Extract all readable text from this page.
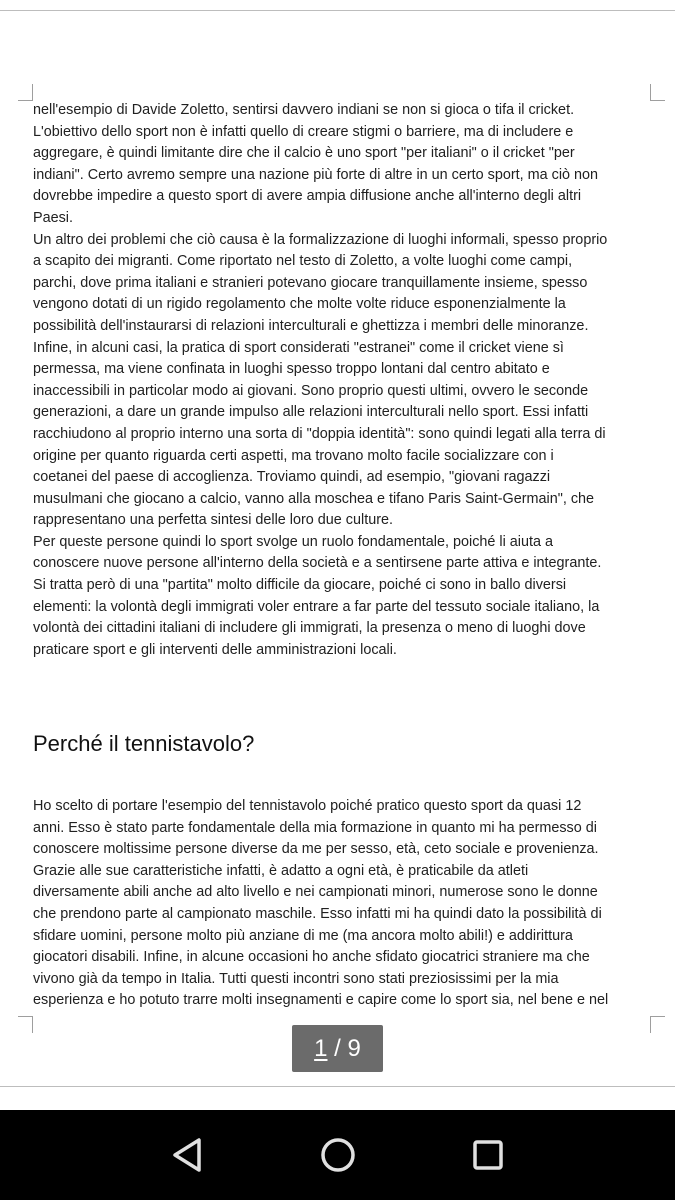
nell'esempio di Davide Zoletto, sentirsi davvero indiani se non si gioca o tifa il cricket.
L'obiettivo dello sport non è infatti quello di creare stigmi o barriere, ma di includere e
aggregare, è quindi limitante dire che il calcio è uno sport "per italiani" o il cricket "per
indiani". Certo avremo sempre una nazione più forte di altre in un certo sport, ma ciò non
dovrebbe impedire a questo sport di avere ampia diffusione anche all'interno degli altri
Paesi.

Un altro dei problemi che ciò causa è la formalizzazione di luoghi informali, spesso proprio
a scapito dei migranti. Come riportato nel testo di Zoletto, a volte luoghi come campi,
parchi, dove prima italiani e stranieri potevano giocare tranquillamente insieme, spesso
vengono dotati di un rigido regolamento che molte volte riduce esponenzialmente la
possibilità dell'instaurarsi di relazioni interculturali e ghettizza i membri delle minoranze.
Infine, in alcuni casi, la pratica di sport considerati "estranei" come il cricket viene sì
permessa, ma viene confinata in luoghi spesso troppo lontani dal centro abitato e
inaccessibili in particolar modo ai giovani. Sono proprio questi ultimi, ovvero le seconde
generazioni, a dare un grande impulso alle relazioni interculturali nello sport. Essi infatti
racchiudono al proprio interno una sorta di "doppia identità": sono quindi legati alla terra di
origine per quanto riguarda certi aspetti, ma trovano molto facile socializzare con i
coetanei del paese di accoglienza. Troviamo quindi, ad esempio, "giovani ragazzi
musulmani che giocano a calcio, vanno alla moschea e tifano Paris Saint-Germain", che
rappresentano una perfetta sintesi delle loro due culture.

Per queste persone quindi lo sport svolge un ruolo fondamentale, poiché li aiuta a
conoscere nuove persone all'interno della società e a sentirsene parte attiva e integrante.
Si tratta però di una "partita" molto difficile da giocare, poiché ci sono in ballo diversi
elementi: la volontà degli immigrati voler entrare a far parte del tessuto sociale italiano, la
volontà dei cittadini italiani di includere gli immigrati, la presenza o meno di luoghi dove
praticare sport e gli interventi delle amministrazioni locali.

Perché il tennistavolo?

Ho scelto di portare l'esempio del tennistavolo poiché pratico questo sport da quasi 12
anni. Esso è stato parte fondamentale della mia formazione in quanto mi ha permesso di
conoscere moltissime persone diverse da me per sesso, età, ceto sociale e provenienza.
Grazie alle sue caratteristiche infatti, è adatto a ogni età, è praticabile da atleti
diversamente abili anche ad alto livello e nei campionati minori, numerose sono le donne
che prendono parte al campionato maschile. Esso infatti mi ha quindi dato la possibilità di
sfidare uomini, persone molto più anziane di me (ma ancora molto abili!) e addirittura
giocatori disabili. Infine, in alcune occasioni ho anche sfidato giocatrici straniere ma che
vivono già da tempo in Italia. Tutti questi incontri sono stati preziosissimi per la mia
esperienza e ho potuto trarre molti insegnamenti e capire come lo sport sia, nel bene e nel

1 / 9
